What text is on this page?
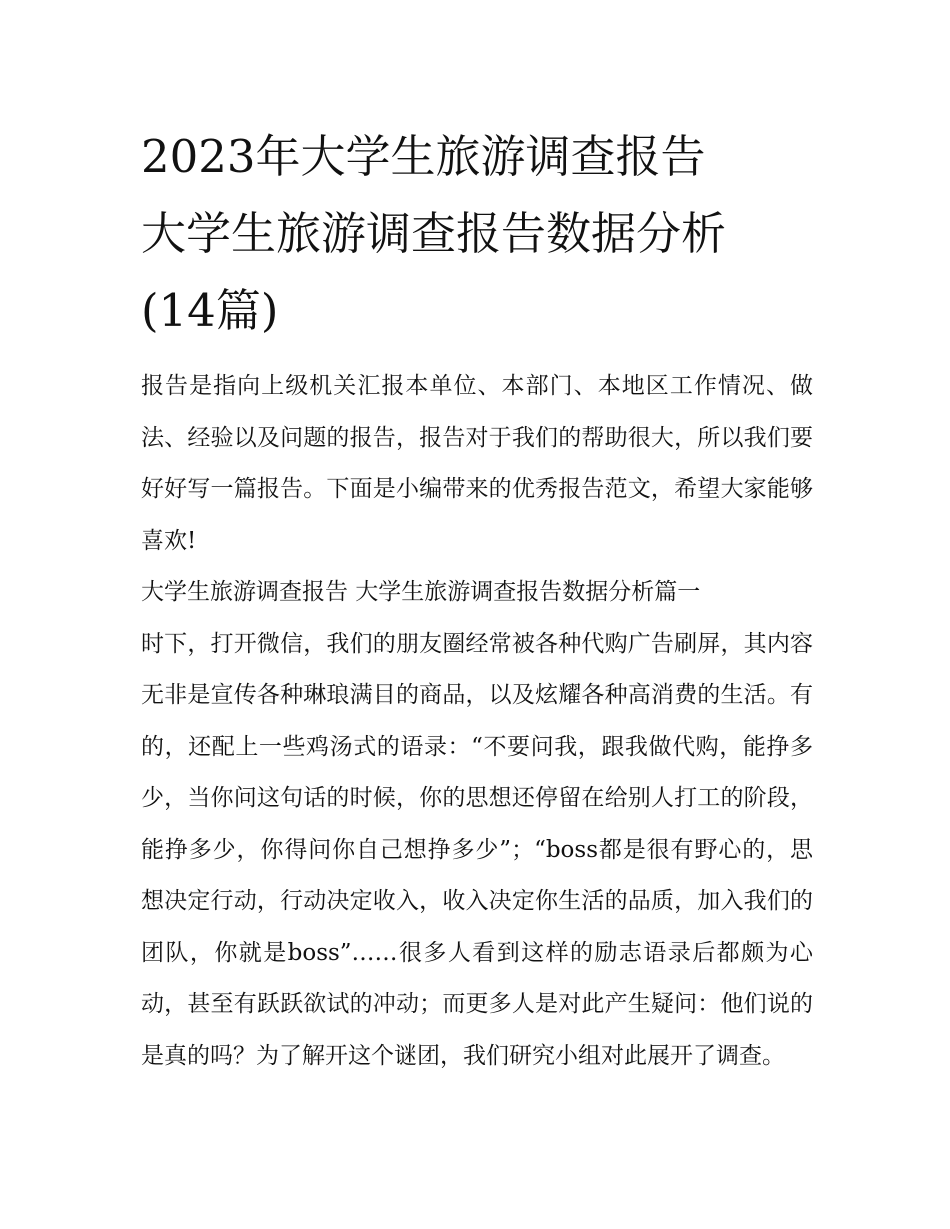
2023年大学生旅游调查报告
大学生旅游调查报告数据分析
(14篇)

报告是指向上级机关汇报本单位、本部门、本地区工作情况、做法、经验以及问题的报告，报告对于我们的帮助很大，所以我们要好好写一篇报告。下面是小编带来的优秀报告范文，希望大家能够喜欢!

大学生旅游调查报告 大学生旅游调查报告数据分析篇一

时下，打开微信，我们的朋友圈经常被各种代购广告刷屏，其内容无非是宣传各种琳琅满目的商品，以及炫耀各种高消费的生活。有的，还配上一些鸡汤式的语录：“不要问我，跟我做代购，能挣多少，当你问这句话的时候，你的思想还停留在给别人打工的阶段，能挣多少，你得问你自己想挣多少”；“boss都是很有野心的，思想决定行动，行动决定收入，收入决定你生活的品质，加入我们的团队，你就是boss”……很多人看到这样的励志语录后都颇为心动，甚至有跃跃欲试的冲动；而更多人是对此产生疑问：他们说的是真的吗？为了解开这个谜团，我们研究小组对此展开了调查。
